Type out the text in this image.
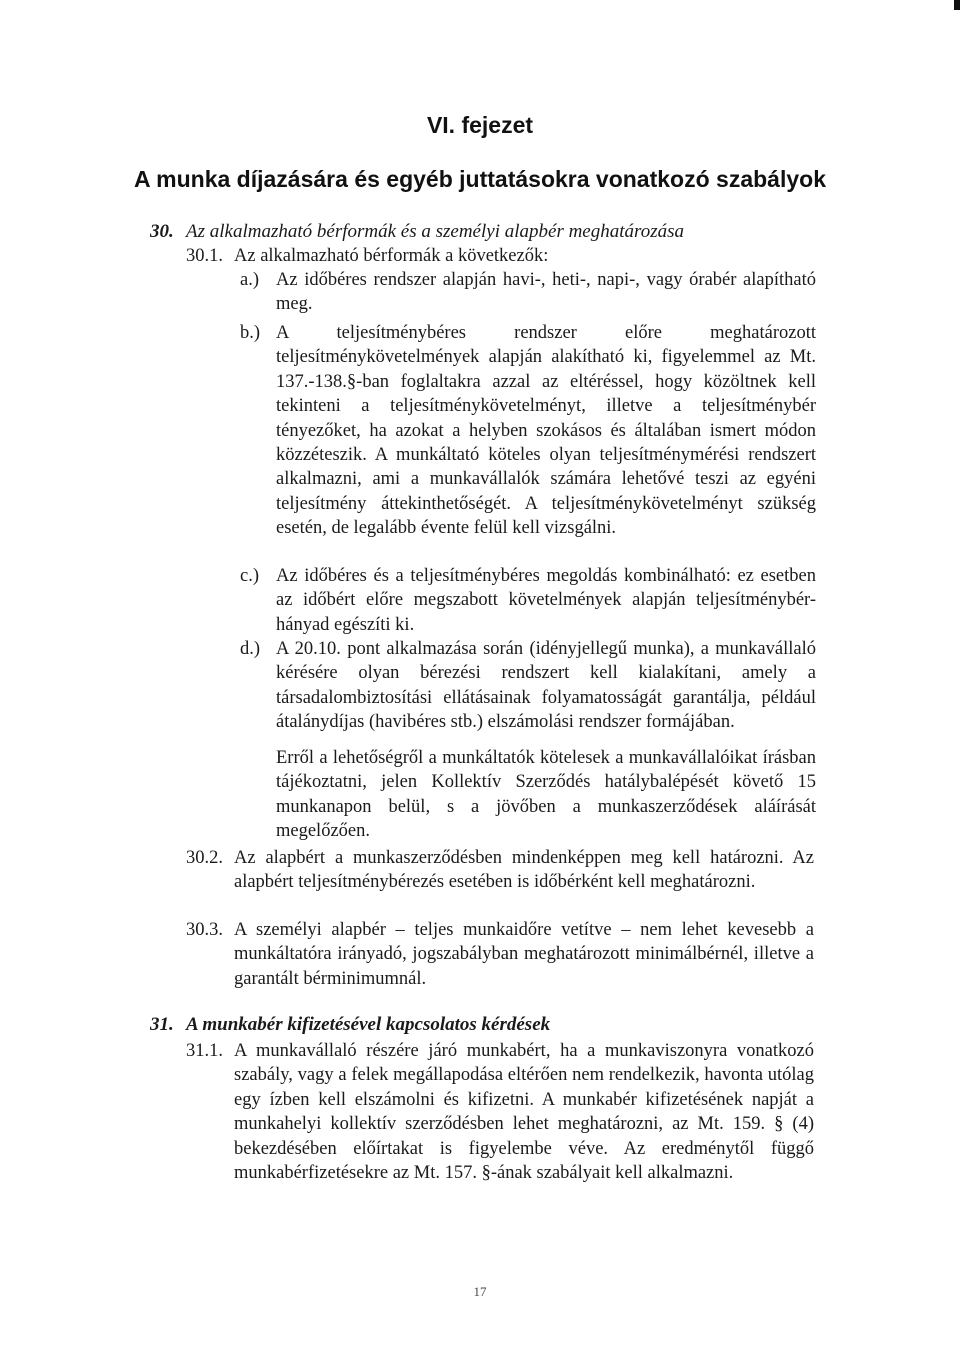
VI. fejezet
A munka díjazására és egyéb juttatásokra vonatkozó szabályok
30. Az alkalmazható bérformák és a személyi alapbér meghatározása
30.1. Az alkalmazható bérformák a következők:

a.) Az időbéres rendszer alapján havi-, heti-, napi-, vagy órabér alapítható meg.

b.) A teljesítménybéres rendszer előre meghatározott teljesítménykövetelmények alapján alakítható ki, figyelemmel az Mt. 137.-138.§-ban foglaltakra azzal az eltéréssel, hogy közöltnek kell tekinteni a teljesítménykövetelményt, illetve a teljesítménybér tényezőket, ha azokat a helyben szokásos és általában ismert módon közzéteszik. A munkáltató köteles olyan teljesítménymérési rendszert alkalmazni, ami a munkavállalók számára lehetővé teszi az egyéni teljesítmény áttekinthetőségét. A teljesítménykövetelményt szükség esetén, de legalább évente felül kell vizsgálni.

c.) Az időbéres és a teljesítménybéres megoldás kombinálható: ez esetben az időbért előre megszabott követelmények alapján teljesítménybér-hányad egészíti ki.

d.) A 20.10. pont alkalmazása során (idényjellegű munka), a munkavállaló kérésére olyan bérezési rendszert kell kialakítani, amely a társadalombiztosítási ellátásainak folyamatosságát garantálja, például átalánydíjas (havibéres stb.) elszámolási rendszer formájában.

Erről a lehetőségről a munkáltatók kötelesek a munkavállalóikat írásban tájékoztatni, jelen Kollektív Szerződés hatálybalépését követő 15 munkanapon belül, s a jövőben a munkaszerződések aláírását megelőzően.

30.2. Az alapbért a munkaszerződésben mindenképpen meg kell határozni. Az alapbért teljesítménybérezés esetében is időbérként kell meghatározni.

30.3. A személyi alapbér – teljes munkaidőre vetítve – nem lehet kevesebb a munkáltatóra irányadó, jogszabályban meghatározott minimálbérnél, illetve a garantált bérminimumnál.

31. A munkabér kifizetésével kapcsolatos kérdések
31.1. A munkavállaló részére járó munkabért, ha a munkaviszonyra vonatkozó szabály, vagy a felek megállapodása eltérően nem rendelkezik, havonta utólag egy ízben kell elszámolni és kifizetni. A munkabér kifizetésének napját a munkahelyi kollektív szerződésben lehet meghatározni, az Mt. 159. § (4) bekezdésében előírtakat is figyelembe véve. Az eredménytől függő munkabérfizetésekre az Mt. 157. §-ának szabályait kell alkalmazni.

17
